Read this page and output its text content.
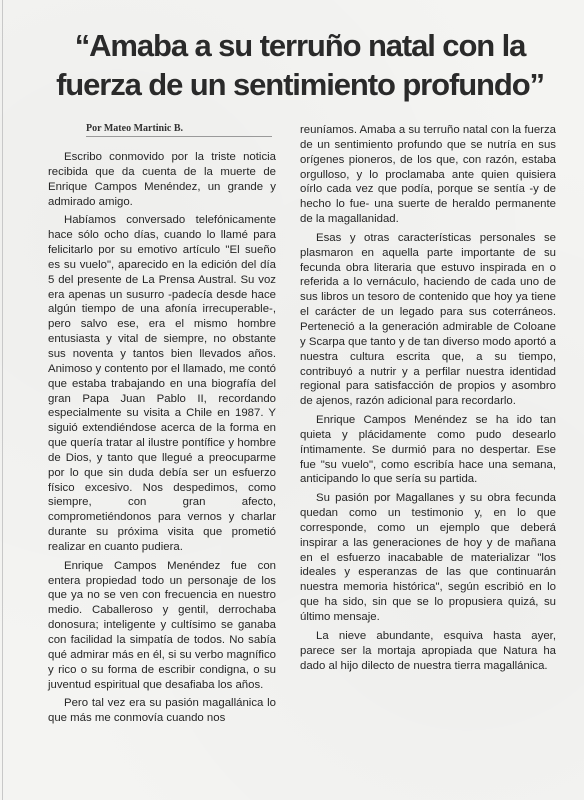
“Amaba a su terruño natal con la
fuerza de un sentimiento profundo”

Por Mateo Martinic B.

Escribo conmovido por la triste noticia recibida que da cuenta de la muerte de Enrique Campos Menéndez, un grande y admirado amigo.

Habíamos conversado telefónicamente hace sólo ocho días, cuando lo llamé para felicitarlo por su emotivo artículo "El sueño es su vuelo", aparecido en la edición del día 5 del presente de La Prensa Austral. Su voz era apenas un susurro -padecía desde hace algún tiempo de una afonía irrecuperable-, pero salvo ese, era el mismo hombre entusiasta y vital de siempre, no obstante sus noventa y tantos bien llevados años. Animoso y contento por el llamado, me contó que estaba trabajando en una biografía del gran Papa Juan Pablo II, recordando especialmente su visita a Chile en 1987. Y siguió extendiéndose acerca de la forma en que quería tratar al ilustre pontífice y hombre de Dios, y tanto que llegué a preocuparme por lo que sin duda debía ser un esfuerzo físico excesivo. Nos despedimos, como siempre, con gran afecto, comprometiéndonos para vernos y charlar durante su próxima visita que prometió realizar en cuanto pudiera.

Enrique Campos Menéndez fue con entera propiedad todo un personaje de los que ya no se ven con frecuencia en nuestro medio. Caballeroso y gentil, derrochaba donosura; inteligente y cultísimo se ganaba con facilidad la simpatía de todos. No sabía qué admirar más en él, si su verbo magnífico y rico o su forma de escribir condigna, o su juventud espiritual que desafiaba los años.

Pero tal vez era su pasión magallánica lo que más me conmovía cuando nos

reuníamos. Amaba a su terruño natal con la fuerza de un sentimiento profundo que se nutría en sus orígenes pioneros, de los que, con razón, estaba orgulloso, y lo proclamaba ante quien quisiera oírlo cada vez que podía, porque se sentía -y de hecho lo fue- una suerte de heraldo permanente de la magallanidad.

Esas y otras características personales se plasmaron en aquella parte importante de su fecunda obra literaria que estuvo inspirada en o referida a lo vernáculo, haciendo de cada uno de sus libros un tesoro de contenido que hoy ya tiene el carácter de un legado para sus coterráneos. Perteneció a la generación admirable de Coloane y Scarpa que tanto y de tan diverso modo aportó a nuestra cultura escrita que, a su tiempo, contribuyó a nutrir y a perfilar nuestra identidad regional para satisfacción de propios y asombro de ajenos, razón adicional para recordarlo.

Enrique Campos Menéndez se ha ido tan quieta y plácidamente como pudo desearlo íntimamente. Se durmió para no despertar. Ese fue "su vuelo", como escribía hace una semana, anticipando lo que sería su partida.

Su pasión por Magallanes y su obra fecunda quedan como un testimonio y, en lo que corresponde, como un ejemplo que deberá inspirar a las generaciones de hoy y de mañana en el esfuerzo inacabable de materializar "los ideales y esperanzas de las que continuarán nuestra memoria histórica", según escribió en lo que ha sido, sin que se lo propusiera quizá, su último mensaje.

La nieve abundante, esquiva hasta ayer, parece ser la mortaja apropiada que Natura ha dado al hijo dilecto de nuestra tierra magallánica.
